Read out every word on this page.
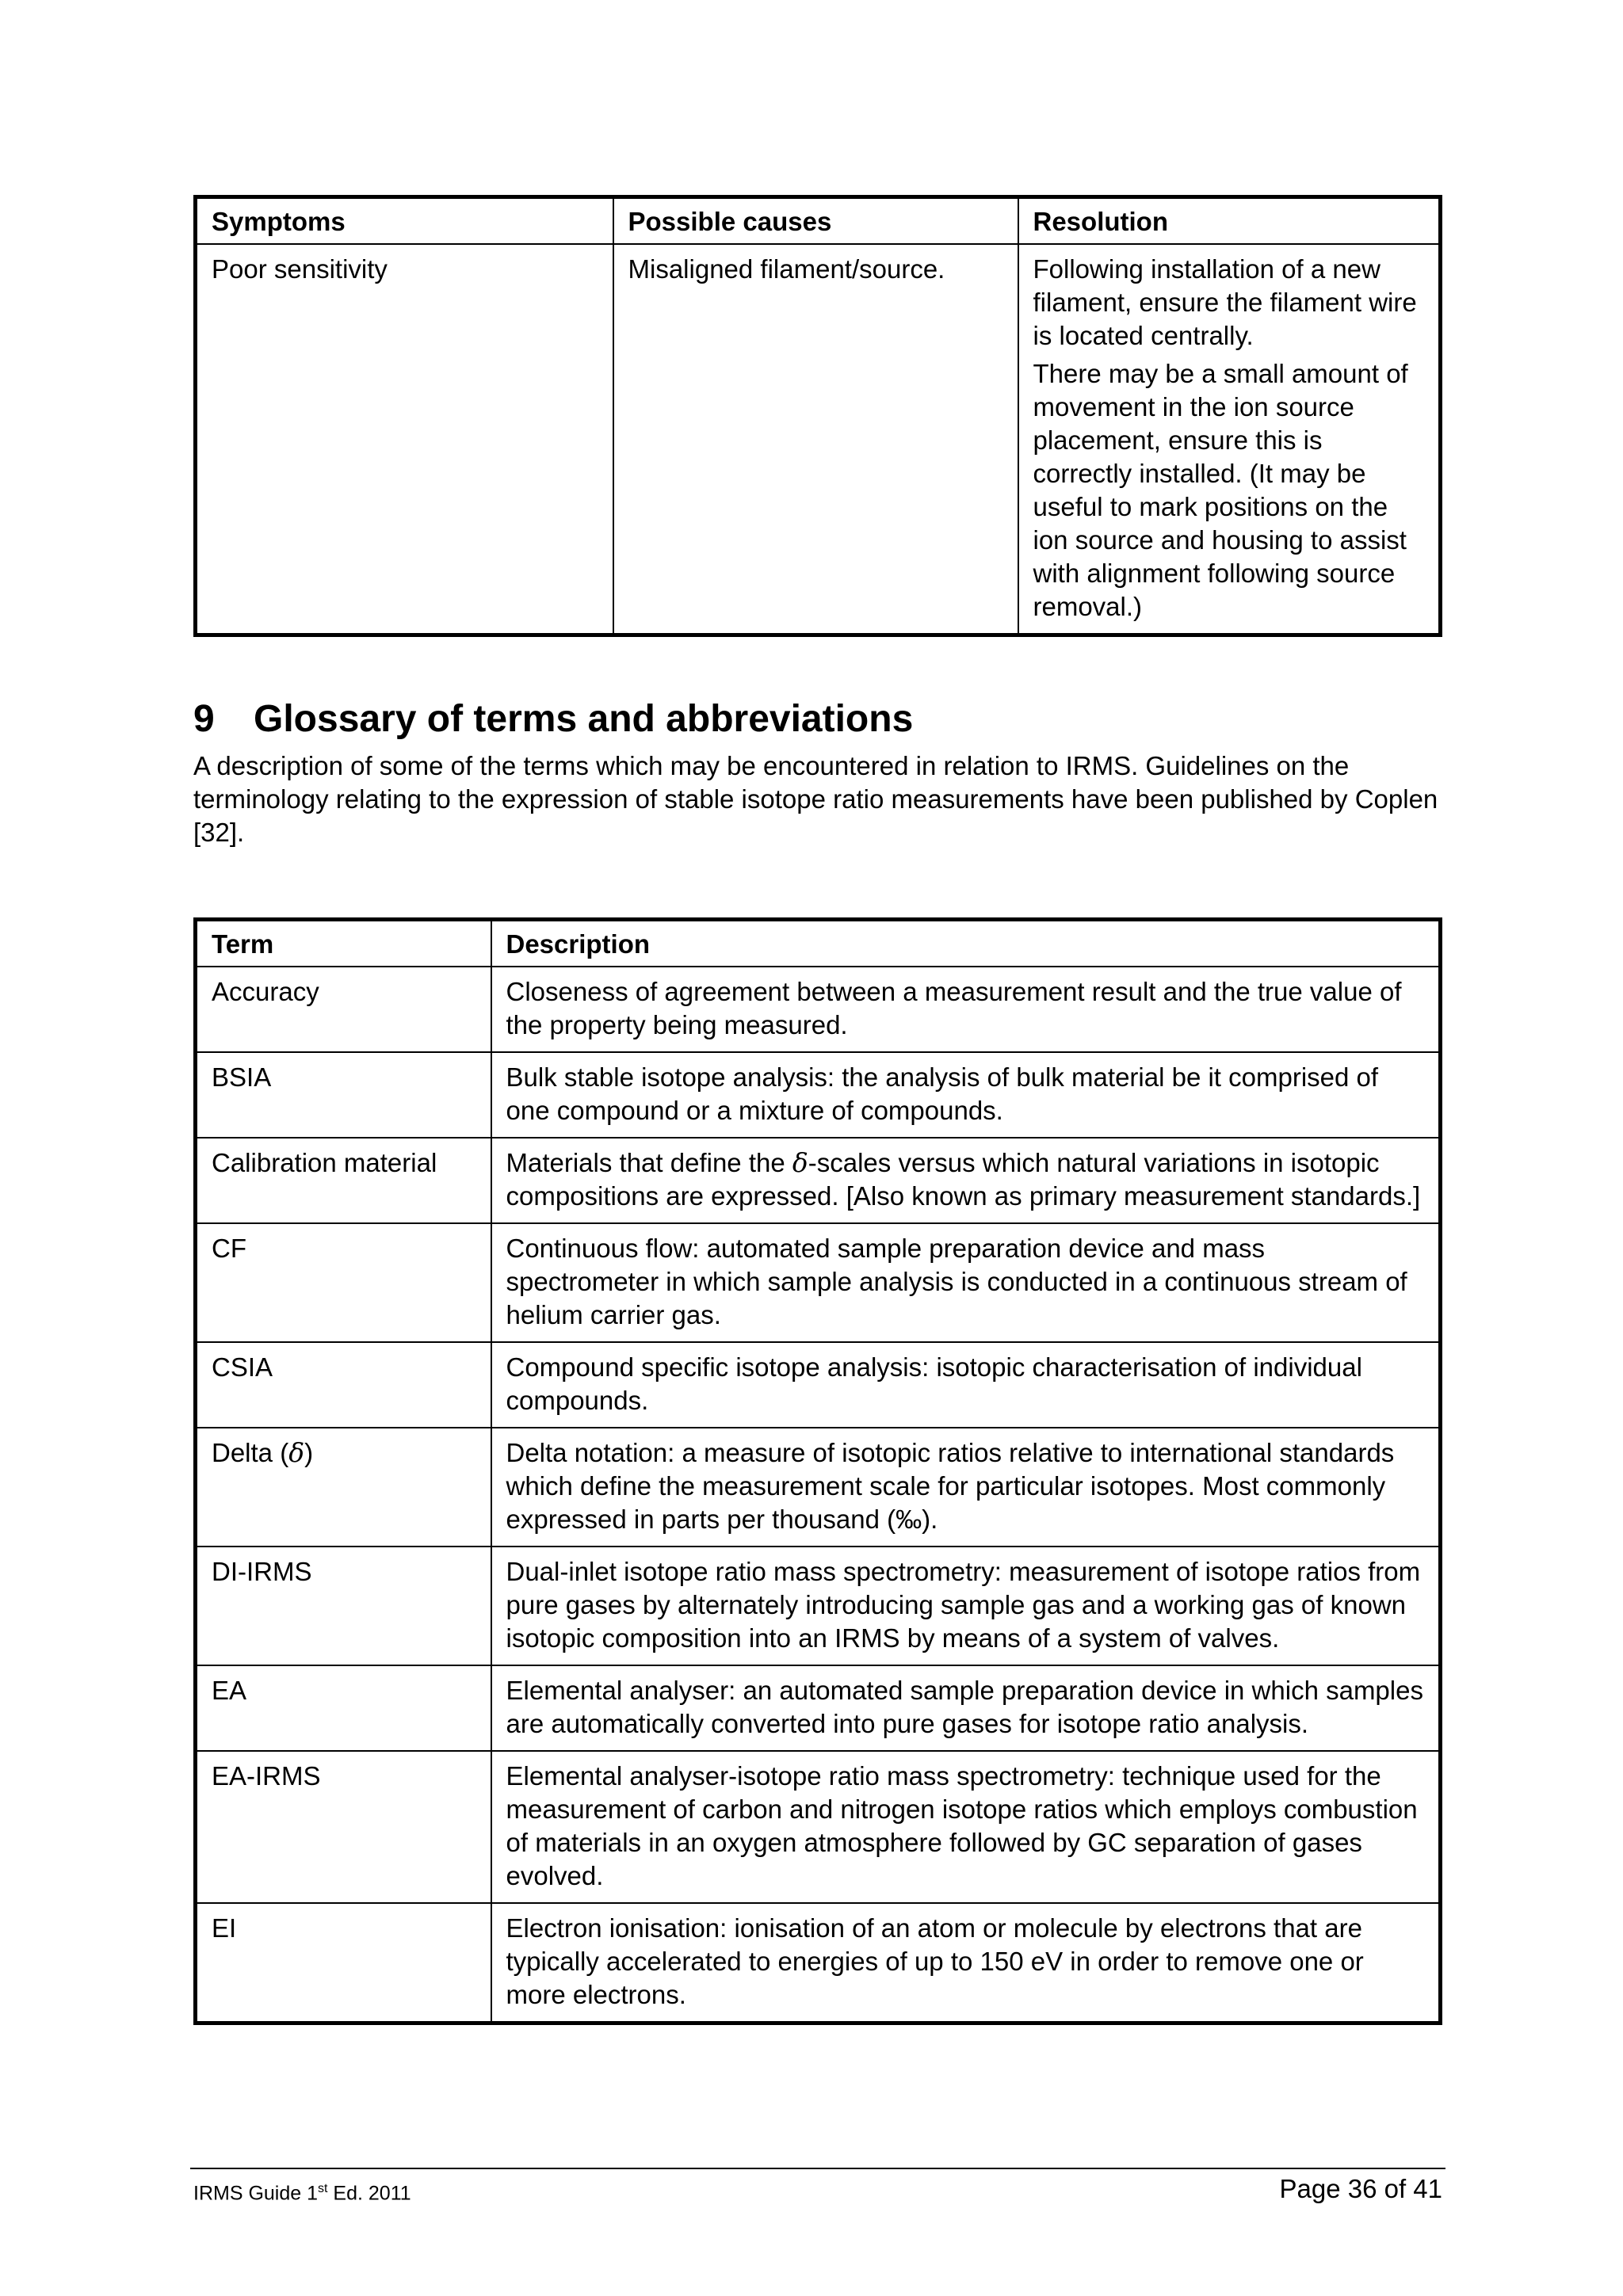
Symptoms	Possible causes	Resolution
Poor sensitivity	Misaligned filament/source.	Following installation of a new filament, ensure the filament wire is located centrally.
There may be a small amount of movement in the ion source placement, ensure this is correctly installed. (It may be useful to mark positions on the ion source and housing to assist with alignment following source removal.)
9 Glossary of terms and abbreviations

A description of some of the terms which may be encountered in relation to IRMS. Guidelines on the terminology relating to the expression of stable isotope ratio measurements have been published by Coplen [32].

Term	Description
Accuracy	Closeness of agreement between a measurement result and the true value of the property being measured.
BSIA	Bulk stable isotope analysis: the analysis of bulk material be it comprised of one compound or a mixture of compounds.
Calibration material	Materials that define the δ-scales versus which natural variations in isotopic compositions are expressed. [Also known as primary measurement standards.]
CF	Continuous flow: automated sample preparation device and mass spectrometer in which sample analysis is conducted in a continuous stream of helium carrier gas.
CSIA	Compound specific isotope analysis: isotopic characterisation of individual compounds.
Delta (δ)	Delta notation: a measure of isotopic ratios relative to international standards which define the measurement scale for particular isotopes. Most commonly expressed in parts per thousand (‰).
DI-IRMS	Dual-inlet isotope ratio mass spectrometry: measurement of isotope ratios from pure gases by alternately introducing sample gas and a working gas of known isotopic composition into an IRMS by means of a system of valves.
EA	Elemental analyser: an automated sample preparation device in which samples are automatically converted into pure gases for isotope ratio analysis.
EA-IRMS	Elemental analyser-isotope ratio mass spectrometry: technique used for the measurement of carbon and nitrogen isotope ratios which employs combustion of materials in an oxygen atmosphere followed by GC separation of gases evolved.
EI	Electron ionisation: ionisation of an atom or molecule by electrons that are typically accelerated to energies of up to 150 eV in order to remove one or more electrons.
IRMS Guide 1st Ed. 2011	Page 36 of 41
